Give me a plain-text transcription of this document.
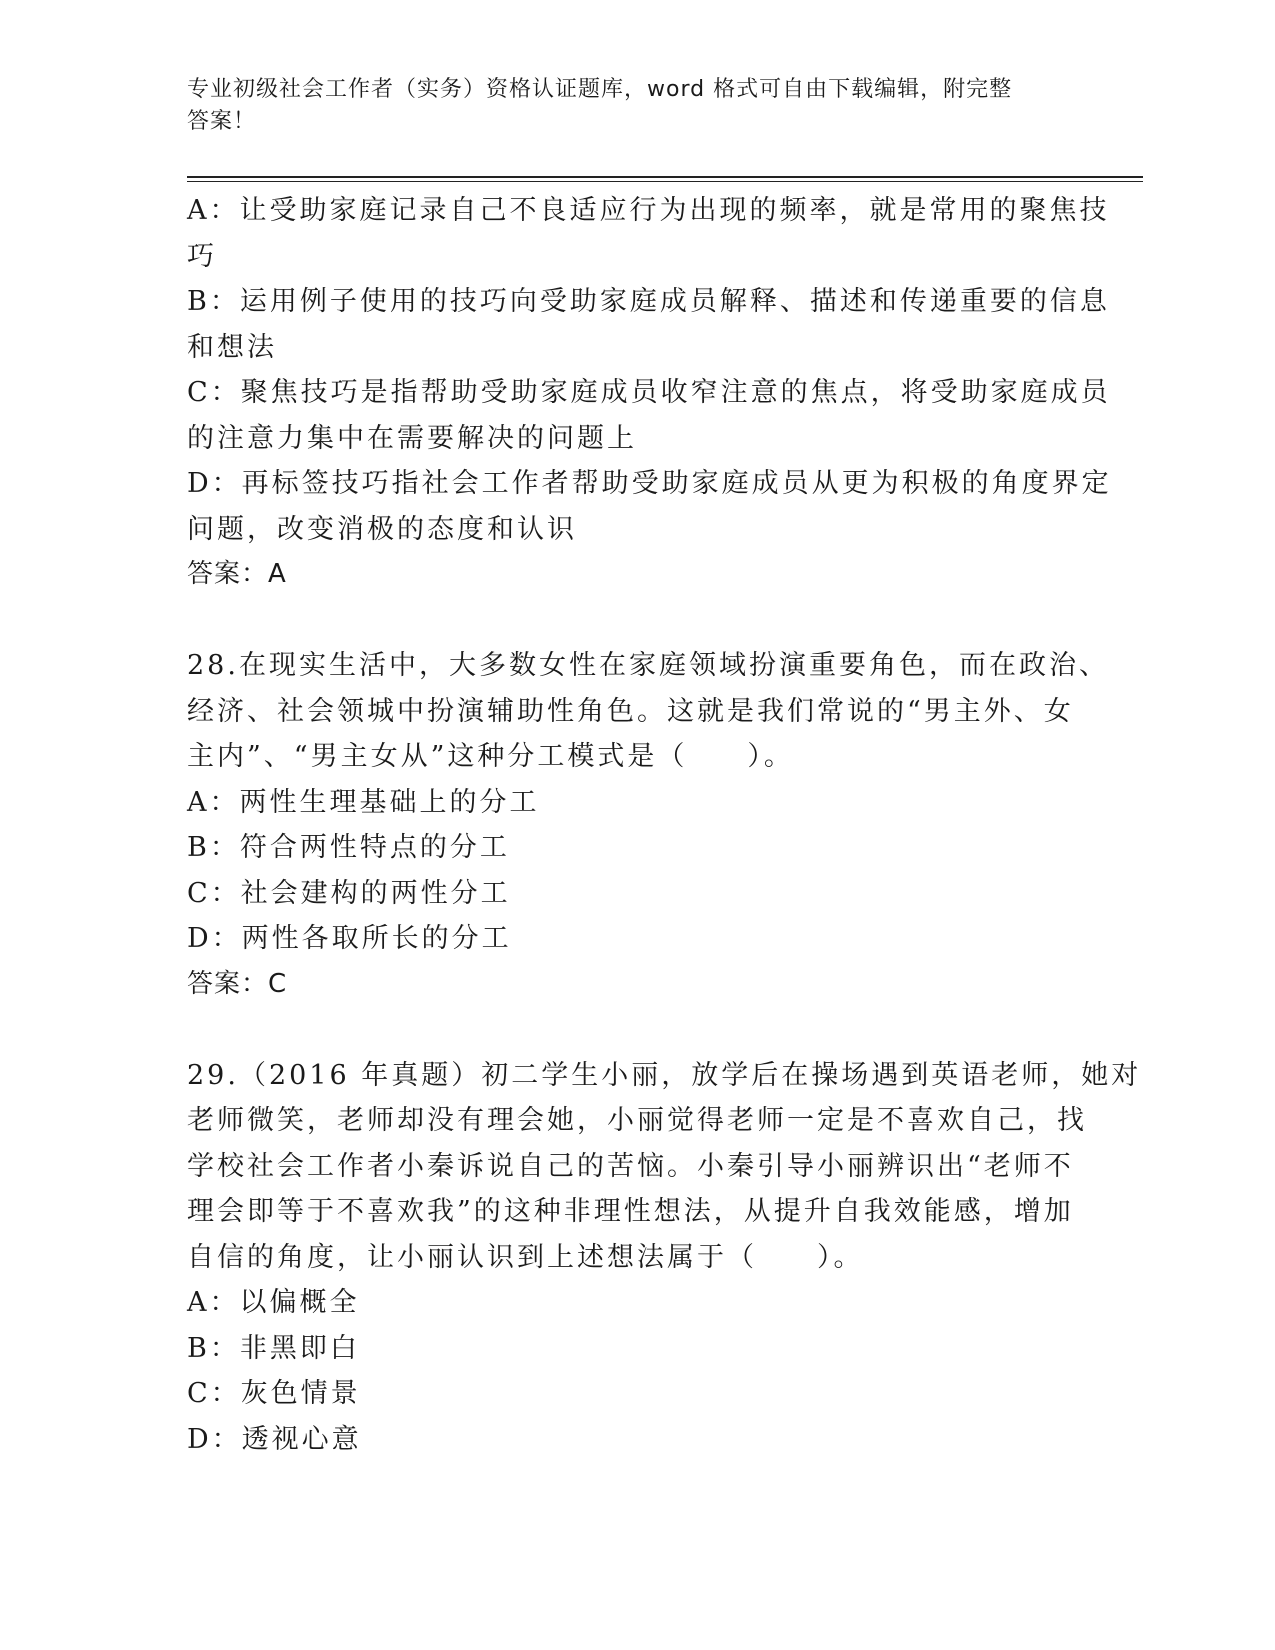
专业初级社会工作者（实务）资格认证题库，word 格式可自由下载编辑，附完整
答案！
A：让受助家庭记录自己不良适应行为出现的频率，就是常用的聚焦技
巧
B：运用例子使用的技巧向受助家庭成员解释、描述和传递重要的信息
和想法
C：聚焦技巧是指帮助受助家庭成员收窄注意的焦点，将受助家庭成员
的注意力集中在需要解决的问题上
D：再标签技巧指社会工作者帮助受助家庭成员从更为积极的角度界定
问题，改变消极的态度和认识
答案：A
28.在现实生活中，大多数女性在家庭领域扮演重要角色，而在政治、
经济、社会领城中扮演辅助性角色。这就是我们常说的“男主外、女
主内”、“男主女从”这种分工模式是（　　）。
A：两性生理基础上的分工
B：符合两性特点的分工
C：社会建构的两性分工
D：两性各取所长的分工
答案：C
29.（2016 年真题）初二学生小丽，放学后在操场遇到英语老师，她对
老师微笑，老师却没有理会她，小丽觉得老师一定是不喜欢自己，找
学校社会工作者小秦诉说自己的苦恼。小秦引导小丽辨识出“老师不
理会即等于不喜欢我”的这种非理性想法，从提升自我效能感，增加
自信的角度，让小丽认识到上述想法属于（　　）。
A：以偏概全
B：非黑即白
C：灰色情景
D：透视心意
